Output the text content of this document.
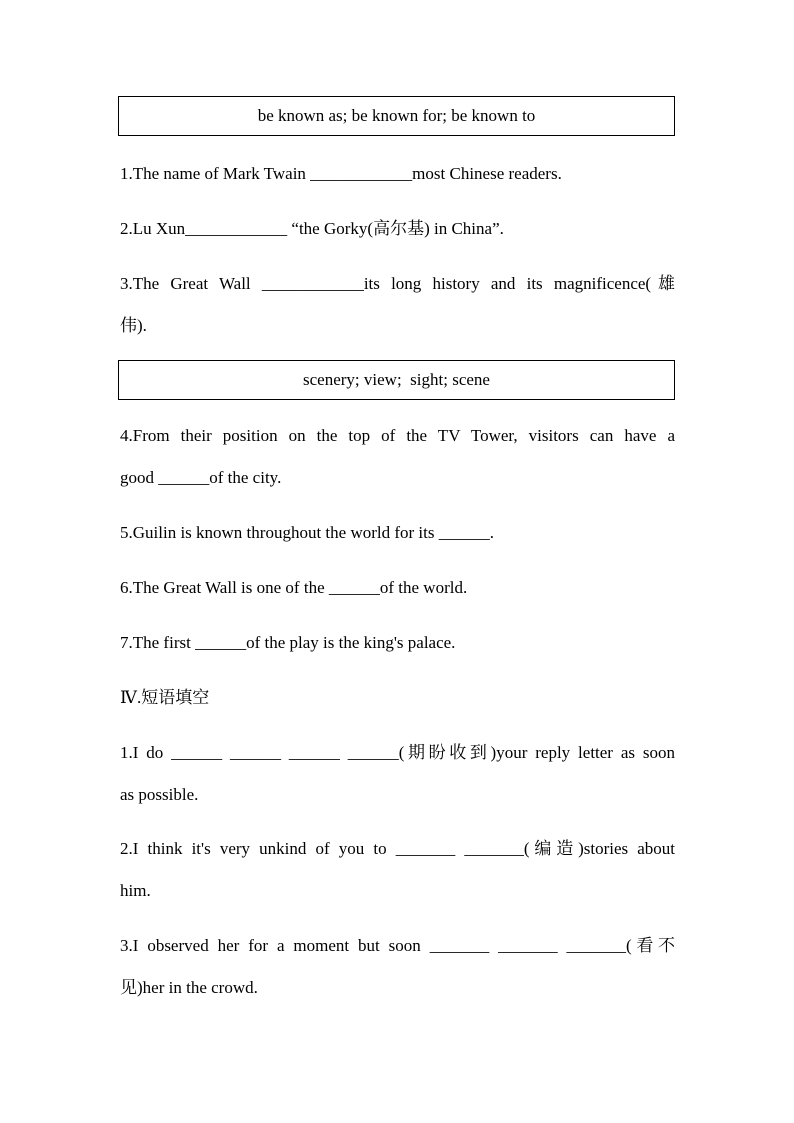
be known as; be known for; be known to
1.The name of Mark Twain ____________most Chinese readers.
2.Lu Xun____________ “the Gorky(高尔基) in China”.
3.The Great Wall ____________its long history and its magnificence(雄
伟).
scenery; view;  sight; scene
4.From their position on the top of the TV Tower, visitors can have a
good ______of the city.
5.Guilin is known throughout the world for its ______.
6.The Great Wall is one of the ______of the world.
7.The first ______of the play is the king's palace.
Ⅳ.短语填空
1.I do ______ ______ ______ ______(期盼收到)your reply letter as soon
as possible.
2.I think it's very unkind of you to _______ _______(编造)stories about
him.
3.I observed her for a moment but soon _______ _______ _______(看不
见)her in the crowd.
